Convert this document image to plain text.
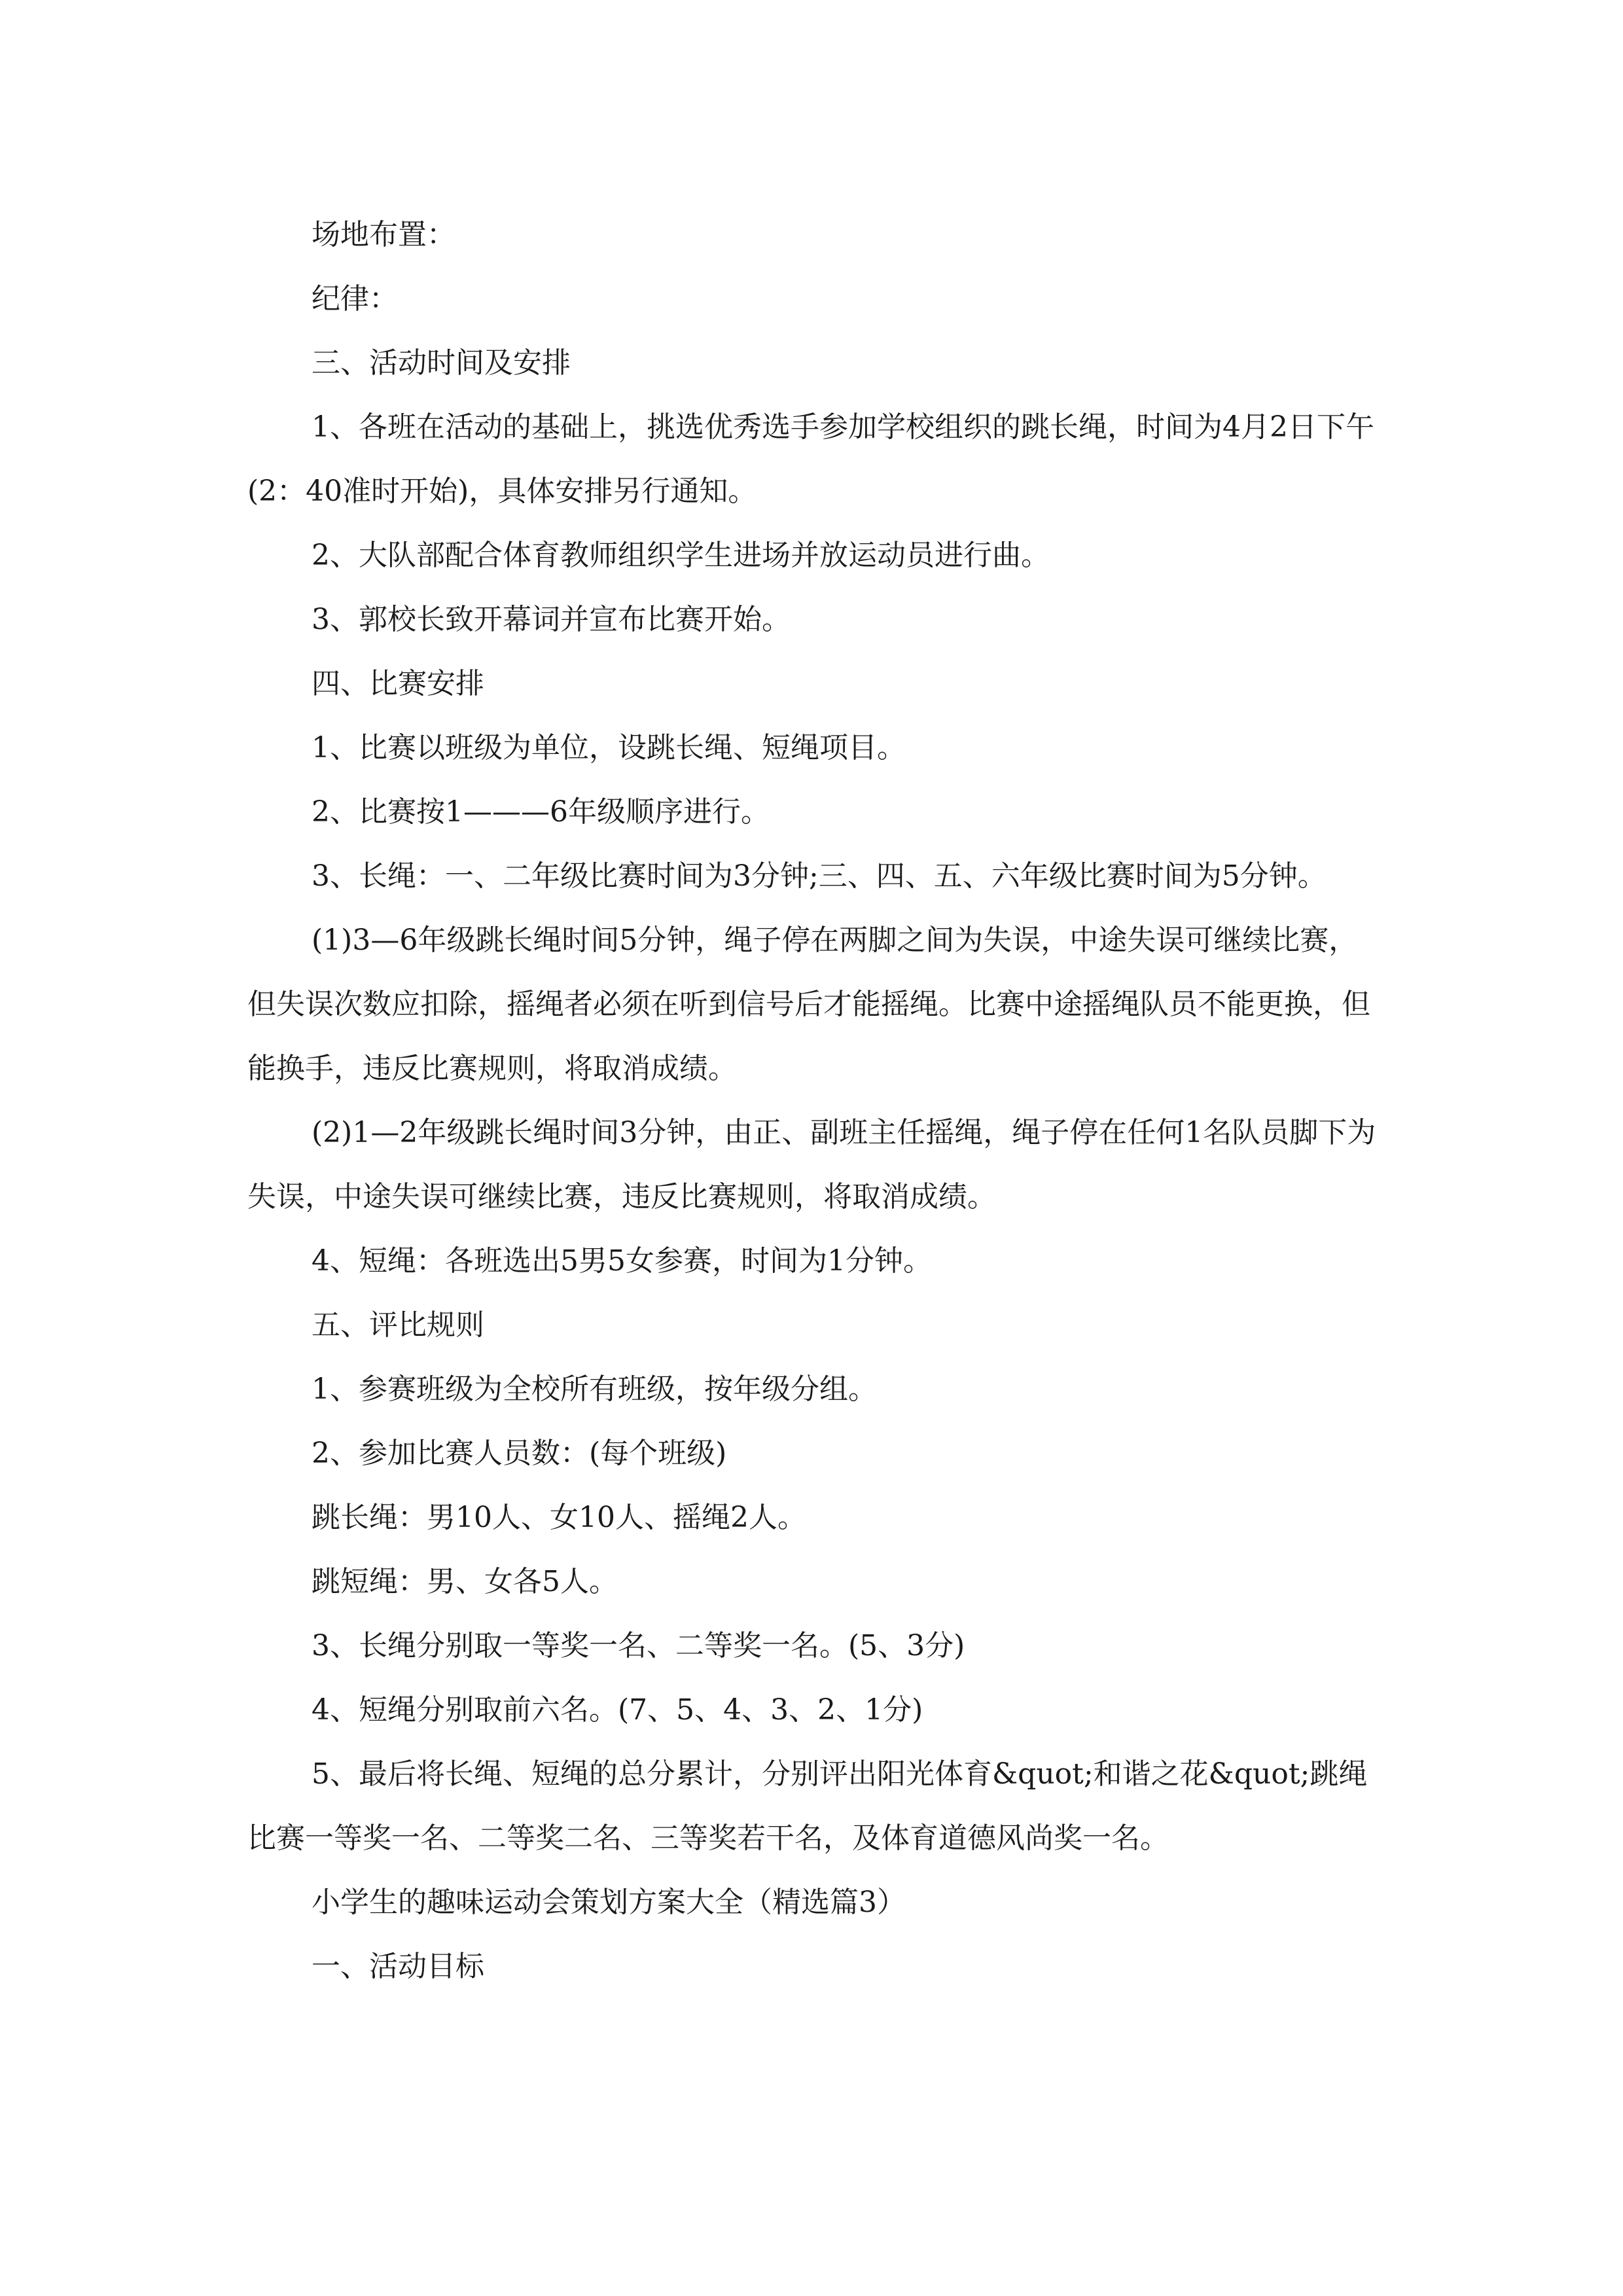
场地布置：

纪律：

三、活动时间及安排

1、各班在活动的基础上，挑选优秀选手参加学校组织的跳长绳，时间为4月2日下午(2：40准时开始)，具体安排另行通知。

2、大队部配合体育教师组织学生进场并放运动员进行曲。

3、郭校长致开幕词并宣布比赛开始。

四、比赛安排

1、比赛以班级为单位，设跳长绳、短绳项目。

2、比赛按1———6年级顺序进行。

3、长绳：一、二年级比赛时间为3分钟;三、四、五、六年级比赛时间为5分钟。

(1)3—6年级跳长绳时间5分钟，绳子停在两脚之间为失误，中途失误可继续比赛，但失误次数应扣除，摇绳者必须在听到信号后才能摇绳。比赛中途摇绳队员不能更换，但能换手，违反比赛规则，将取消成绩。

(2)1—2年级跳长绳时间3分钟，由正、副班主任摇绳，绳子停在任何1名队员脚下为失误，中途失误可继续比赛，违反比赛规则，将取消成绩。

4、短绳：各班选出5男5女参赛，时间为1分钟。

五、评比规则

1、参赛班级为全校所有班级，按年级分组。

2、参加比赛人员数：(每个班级)

跳长绳：男10人、女10人、摇绳2人。

跳短绳：男、女各5人。

3、长绳分别取一等奖一名、二等奖一名。(5、3分)

4、短绳分别取前六名。(7、5、4、3、2、1分)

5、最后将长绳、短绳的总分累计，分别评出阳光体育&quot;和谐之花&quot;跳绳比赛一等奖一名、二等奖二名、三等奖若干名，及体育道德风尚奖一名。

小学生的趣味运动会策划方案大全（精选篇3）

一、活动目标
